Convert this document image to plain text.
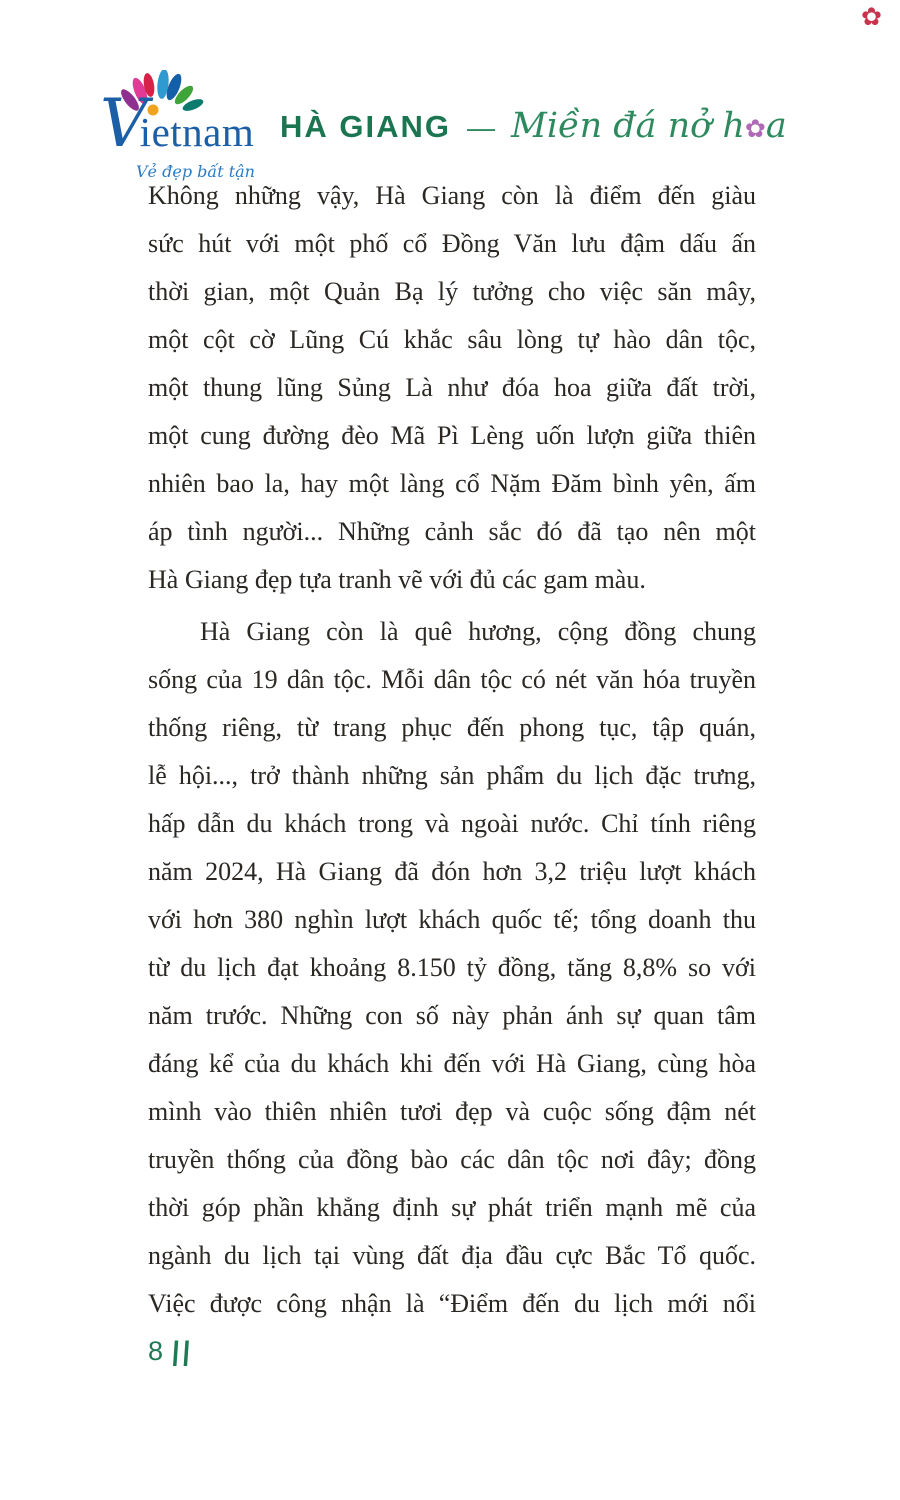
✿
Vietnam
Vẻ đẹp bất tận
HÀ GIANG — Miền đá nở h✿a
Không những vậy, Hà Giang còn là điểm đến giàu
sức hút với một phố cổ Đồng Văn lưu đậm dấu ấn
thời gian, một Quản Bạ lý tưởng cho việc săn mây,
một cột cờ Lũng Cú khắc sâu lòng tự hào dân tộc,
một thung lũng Sủng Là như đóa hoa giữa đất trời,
một cung đường đèo Mã Pì Lèng uốn lượn giữa thiên
nhiên bao la, hay một làng cổ Nặm Đăm bình yên, ấm
áp tình người... Những cảnh sắc đó đã tạo nên một
Hà Giang đẹp tựa tranh vẽ với đủ các gam màu.
Hà Giang còn là quê hương, cộng đồng chung
sống của 19 dân tộc. Mỗi dân tộc có nét văn hóa truyền
thống riêng, từ trang phục đến phong tục, tập quán,
lễ hội..., trở thành những sản phẩm du lịch đặc trưng,
hấp dẫn du khách trong và ngoài nước. Chỉ tính riêng
năm 2024, Hà Giang đã đón hơn 3,2 triệu lượt khách
với hơn 380 nghìn lượt khách quốc tế; tổng doanh thu
từ du lịch đạt khoảng 8.150 tỷ đồng, tăng 8,8% so với
năm trước. Những con số này phản ánh sự quan tâm
đáng kể của du khách khi đến với Hà Giang, cùng hòa
mình vào thiên nhiên tươi đẹp và cuộc sống đậm nét
truyền thống của đồng bào các dân tộc nơi đây; đồng
thời góp phần khẳng định sự phát triển mạnh mẽ của
ngành du lịch tại vùng đất địa đầu cực Bắc Tổ quốc.
Việc được công nhận là “Điểm đến du lịch mới nổi
8 ||
